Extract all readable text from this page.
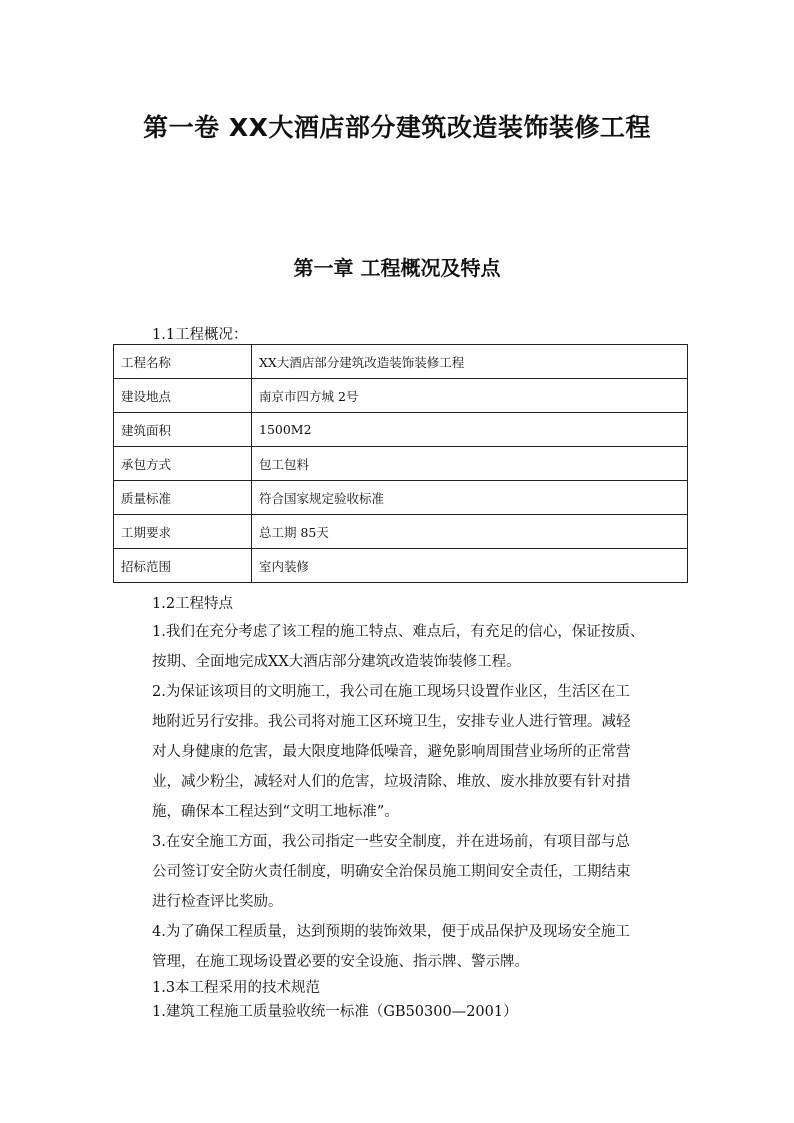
第一卷 XX大酒店部分建筑改造装饰装修工程
第一章 工程概况及特点

1.1工程概况：

工程名称	XX大酒店部分建筑改造装饰装修工程
建设地点	南京市四方城 2号
建筑面积	1500M2
承包方式	包工包料
质量标准	符合国家规定验收标准
工期要求	总工期 85天
招标范围	室内装修

1.2工程特点

1.我们在充分考虑了该工程的施工特点、难点后，有充足的信心，保证按质、
按期、全面地完成XX大酒店部分建筑改造装饰装修工程。
2.为保证该项目的文明施工，我公司在施工现场只设置作业区，生活区在工
地附近另行安排。我公司将对施工区环境卫生，安排专业人进行管理。减轻
对人身健康的危害，最大限度地降低噪音，避免影响周围营业场所的正常营
业，减少粉尘，减轻对人们的危害，垃圾清除、堆放、废水排放要有针对措
施，确保本工程达到“文明工地标准”。
3.在安全施工方面，我公司指定一些安全制度，并在进场前，有项目部与总
公司签订安全防火责任制度，明确安全治保员施工期间安全责任，工期结束
进行检查评比奖励。
4.为了确保工程质量，达到预期的装饰效果，便于成品保护及现场安全施工
管理，在施工现场设置必要的安全设施、指示牌、警示牌。

1.3本工程采用的技术规范

1.建筑工程施工质量验收统一标准（GB50300—2001）
